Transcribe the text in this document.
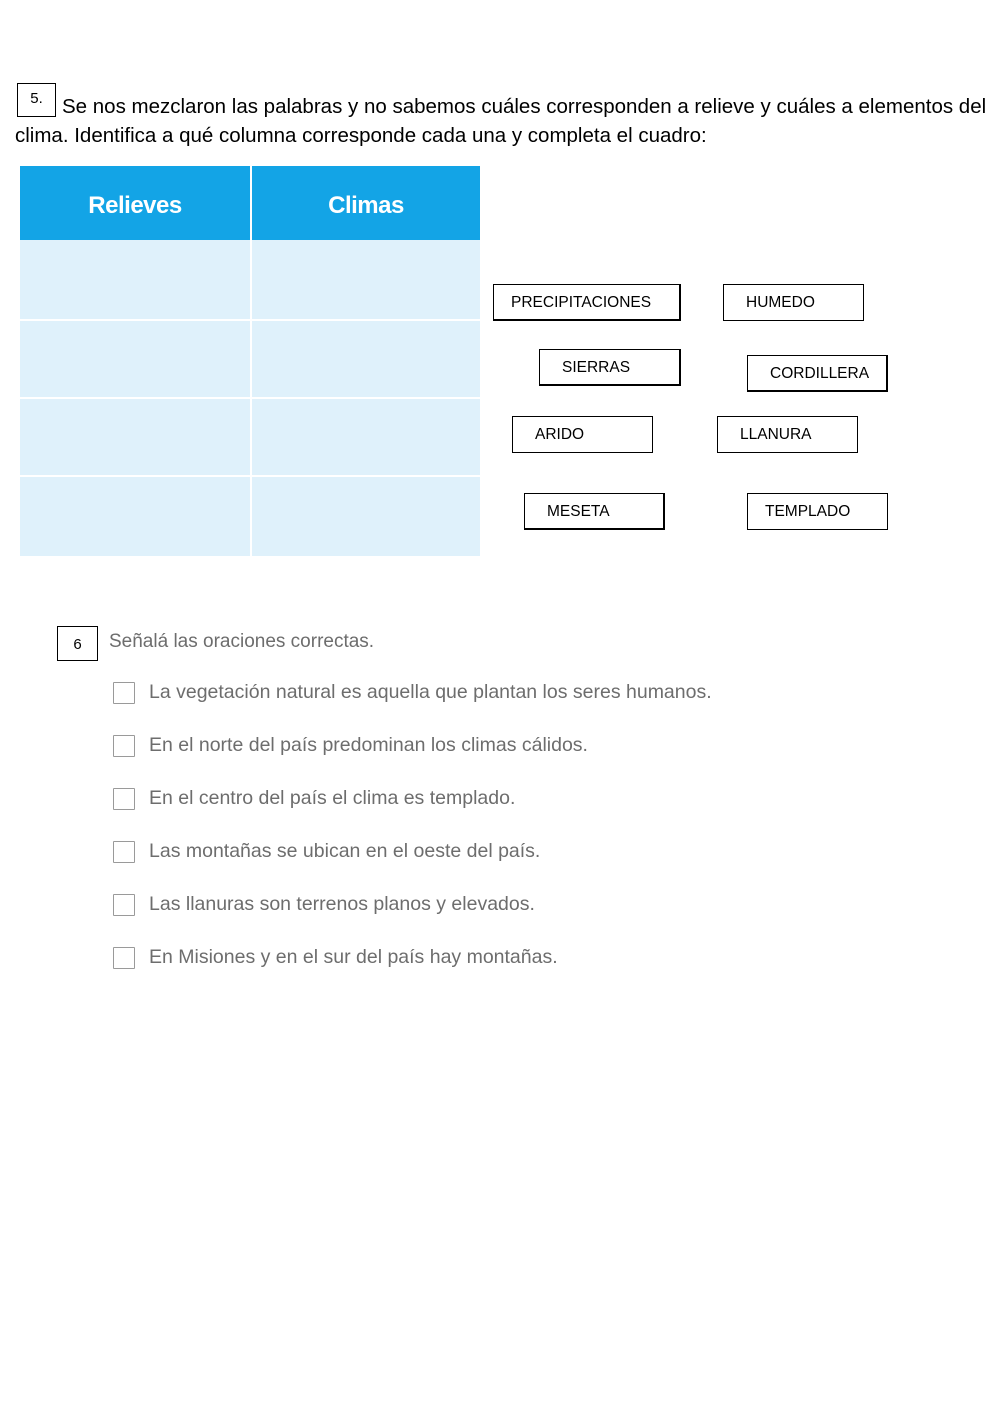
5. Se nos mezclaron las palabras y no sabemos cuáles corresponden a relieve y cuáles a elementos del clima. Identifica a qué columna corresponde cada una y completa el cuadro:
Relieves	Climas
PRECIPITACIONES	HUMEDO
SIERRAS	CORDILLERA
ARIDO	LLANURA
MESETA	TEMPLADO
6	Señalá las oraciones correctas.
La vegetación natural es aquella que plantan los seres humanos.
En el norte del país predominan los climas cálidos.
En el centro del país el clima es templado.
Las montañas se ubican en el oeste del país.
Las llanuras son terrenos planos y elevados.
En Misiones y en el sur del país hay montañas.
